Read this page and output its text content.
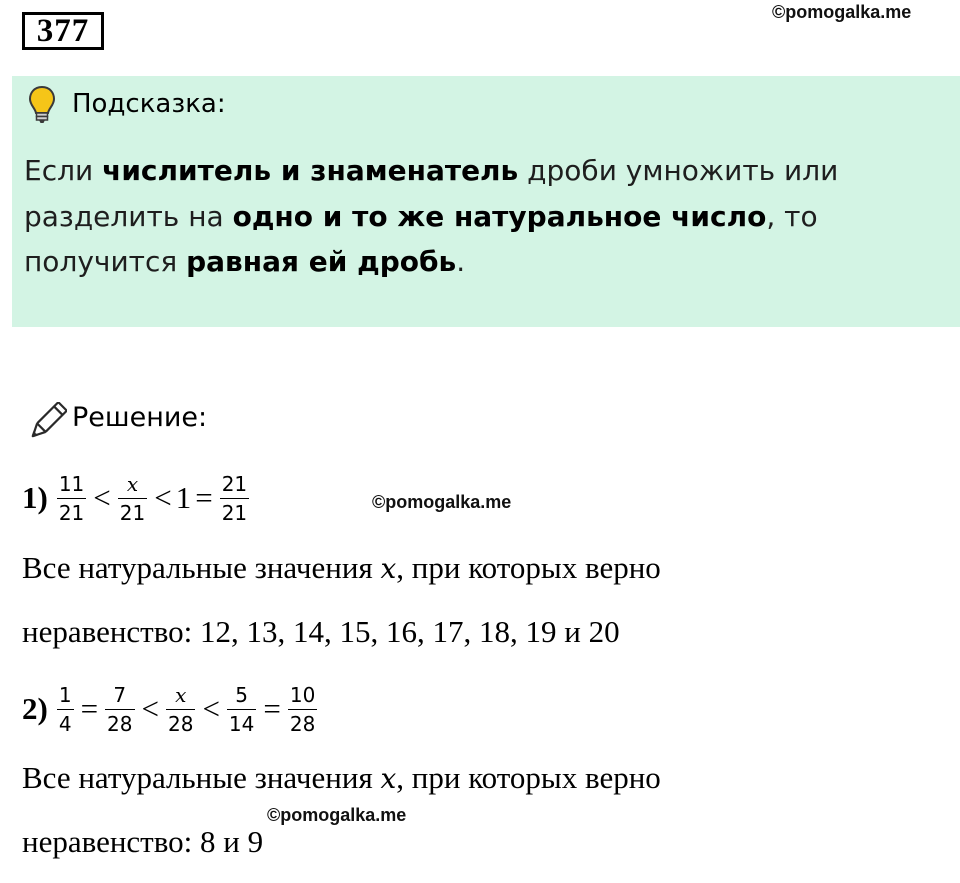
377
©pomogalka.me
Подсказка:
Если числитель и знаменатель дроби умножить или разделить на одно и то же натуральное число, то получится равная ей дробь.
Решение:
$1) \frac{11}{21} < \frac{x}{21} < 1 = \frac{21}{21}$	©pomogalka.me
Все натуральные значения x, при которых верно
неравенство: 12, 13, 14, 15, 16, 17, 18, 19 и 20
$2) \frac{1}{4} = \frac{7}{28} < \frac{x}{28} < \frac{5}{14} = \frac{10}{28}$
Все натуральные значения x, при которых верно
©pomogalka.me
неравенство: 8 и 9
